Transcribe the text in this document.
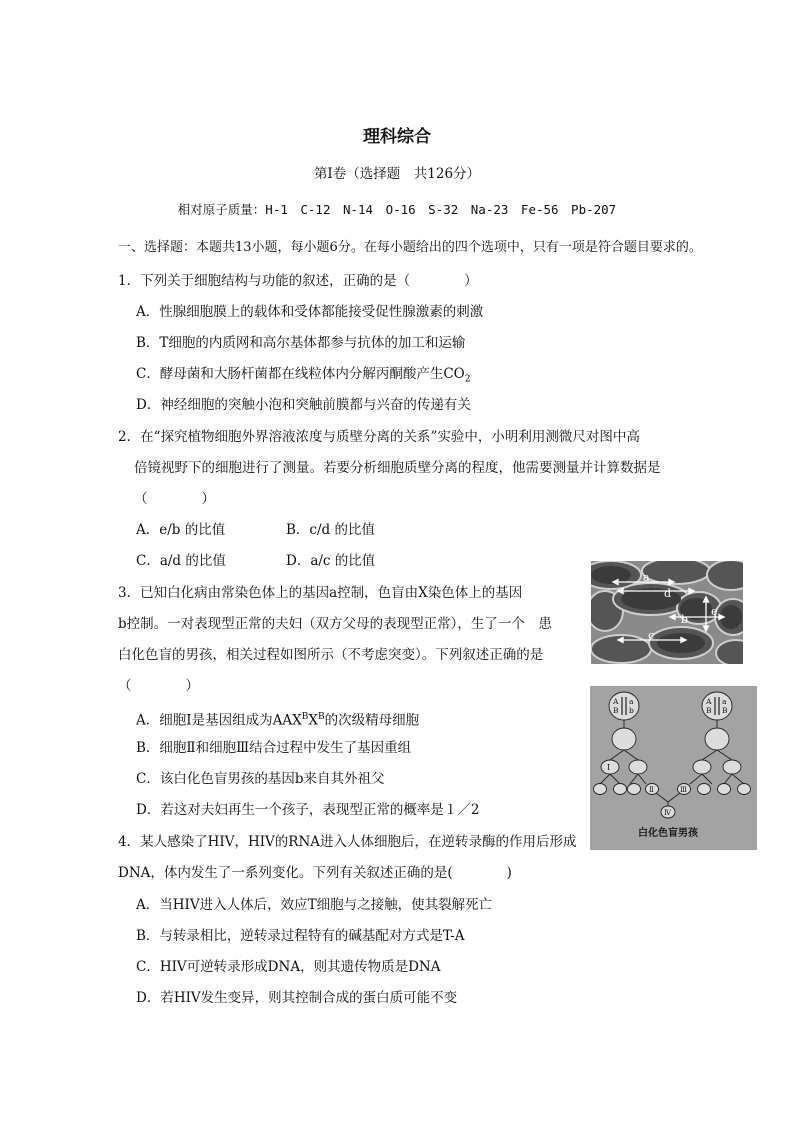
理科综合
第Ⅰ卷（选择题　共126分）
相对原子质量：H-1　C-12　N-14　O-16　S-32　Na-23　Fe-56　Pb-207
一、选择题：本题共13小题，每小题6分。在每小题给出的四个选项中，只有一项是符合题目要求的。
1．下列关于细胞结构与功能的叙述，正确的是（　　　　）
A．性腺细胞膜上的载体和受体都能接受促性腺激素的刺激
B．T细胞的内质网和高尔基体都参与抗体的加工和运输
C．酵母菌和大肠杆菌都在线粒体内分解丙酮酸产生$CO_2$
D．神经细胞的突触小泡和突触前膜都与兴奋的传递有关
2．在“探究植物细胞外界溶液浓度与质壁分离的关系”实验中，小明利用测微尺对图中高
倍镜视野下的细胞进行了测量。若要分析细胞质壁分离的程度，他需要测量并计算数据是
（　　　　）
A．e/b 的比值	B．c/d 的比值
C．a/d 的比值	D．a/c 的比值
3．已知白化病由常染色体上的基因a控制，色盲由X染色体上的基因
b控制。一对表现型正常的夫妇（双方父母的表现型正常），生了一个　患
白化色盲的男孩，相关过程如图所示（不考虑突变）。下列叙述正确的是
（　　　　）
A．细胞Ⅰ是基因组成为$AAX^BX^B$的次级精母细胞
B．细胞Ⅱ和细胞Ⅲ结合过程中发生了基因重组
C．该白化色盲男孩的基因b来自其外祖父
D．若这对夫妇再生一个孩子，表现型正常的概率是１／2
4．某人感染了HIV，HIV的RNA进入人体细胞后，在逆转录酶的作用后形成
DNA，体内发生了一系列变化。下列有关叙述正确的是(　　　　)
A．当HIV进入人体后，效应T细胞与之接触，使其裂解死亡
B．与转录相比，逆转录过程特有的碱基配对方式是T-A
C．HIV可逆转录形成DNA，则其遗传物质是DNA
D．若HIV发生变异，则其控制合成的蛋白质可能不变
a
d
e
b
c
A
B
a
b
A
B
a
B
Ⅰ
Ⅱ	Ⅲ
Ⅳ
白化色盲男孩
